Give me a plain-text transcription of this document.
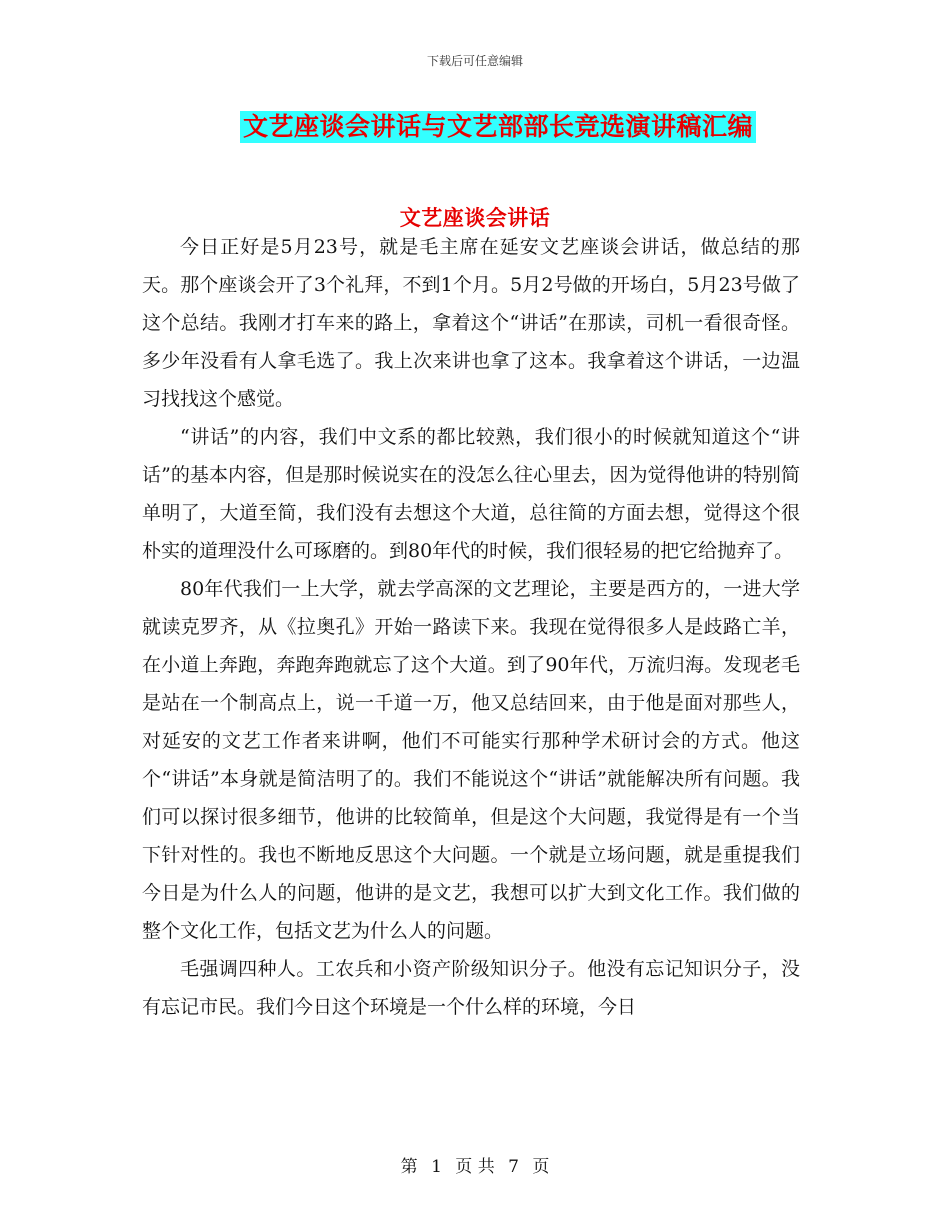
下载后可任意编辑
文艺座谈会讲话与文艺部部长竞选演讲稿汇编
文艺座谈会讲话

今日正好是5月23号，就是毛主席在延安文艺座谈会讲话，做总结的那天。那个座谈会开了3个礼拜，不到1个月。5月2号做的开场白，5月23号做了这个总结。我刚才打车来的路上，拿着这个“讲话”在那读，司机一看很奇怪。多少年没看有人拿毛选了。我上次来讲也拿了这本。我拿着这个讲话，一边温习找找这个感觉。

“讲话”的内容，我们中文系的都比较熟，我们很小的时候就知道这个“讲话”的基本内容，但是那时候说实在的没怎么往心里去，因为觉得他讲的特别简单明了，大道至简，我们没有去想这个大道，总往简的方面去想，觉得这个很朴实的道理没什么可琢磨的。到80年代的时候，我们很轻易的把它给抛弃了。

80年代我们一上大学，就去学高深的文艺理论，主要是西方的，一进大学就读克罗齐，从《拉奥孔》开始一路读下来。我现在觉得很多人是歧路亡羊，在小道上奔跑，奔跑奔跑就忘了这个大道。到了90年代，万流归海。发现老毛是站在一个制高点上，说一千道一万，他又总结回来，由于他是面对那些人，对延安的文艺工作者来讲啊，他们不可能实行那种学术研讨会的方式。他这个“讲话”本身就是简洁明了的。我们不能说这个“讲话”就能解决所有问题。我们可以探讨很多细节，他讲的比较简单，但是这个大问题，我觉得是有一个当下针对性的。我也不断地反思这个大问题。一个就是立场问题，就是重提我们今日是为什么人的问题，他讲的是文艺，我想可以扩大到文化工作。我们做的整个文化工作，包括文艺为什么人的问题。

毛强调四种人。工农兵和小资产阶级知识分子。他没有忘记知识分子，没有忘记市民。我们今日这个环境是一个什么样的环境，今日

第 1 页 共 7 页
